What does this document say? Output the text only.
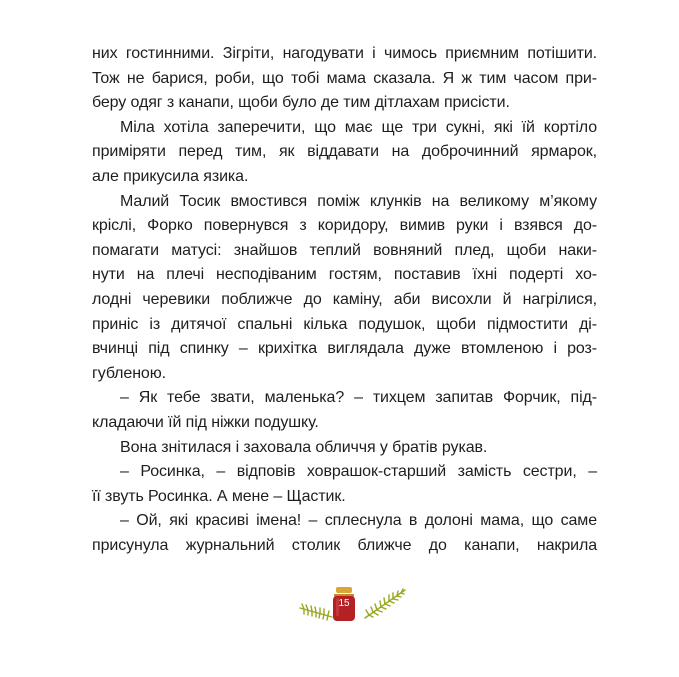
них гостинними. Зігріти, нагодувати і чимось приємним потішити.
Тож не барися, роби, що тобі мама сказала. Я ж тим часом при-
беру одяг з канапи, щоби було де тим дітлахам присісти.
Міла хотіла заперечити, що має ще три сукні, які їй кортіло
приміряти перед тим, як віддавати на доброчинний ярмарок,
але прикусила язика.
Малий Тосик вмостився поміж клунків на великому м’якому
кріслі, Форко повернувся з коридору, вимив руки і взявся до-
помагати матусі: знайшов теплий вовняний плед, щоби наки-
нути на плечі несподіваним гостям, поставив їхні подерті хо-
лодні черевики поближче до каміну, аби висохли й нагрілися,
приніс із дитячої спальні кілька подушок, щоби підмостити ді-
вчинці під спинку – крихітка виглядала дуже втомленою і роз-
губленою.
– Як тебе звати, маленька? – тихцем запитав Форчик, під-
кладаючи їй під ніжки подушку.
Вона знітилася і заховала обличчя у братів рукав.
– Росинка, – відповів ховрашок-старший замість сестри, –
її звуть Росинка. А мене – Щастик.
– Ой, які красиві імена! – сплеснула в долоні мама, що саме
присунула журнальний столик ближче до канапи, накрила
15
